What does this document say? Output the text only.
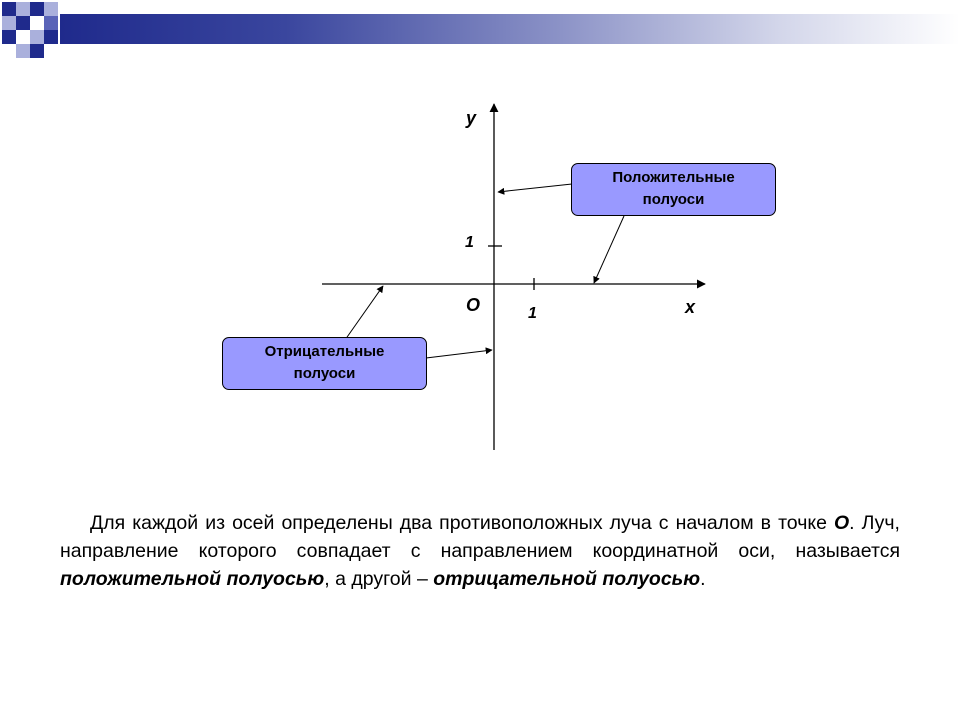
y
x
O	1
1
Положительные
полуоси
Отрицательные
полуоси
Для каждой из осей определены два противоположных луча с началом в точке О. Луч, направление которого совпадает с направлением координатной оси, называется положительной полуосью, а другой – отрицательной полуосью.
